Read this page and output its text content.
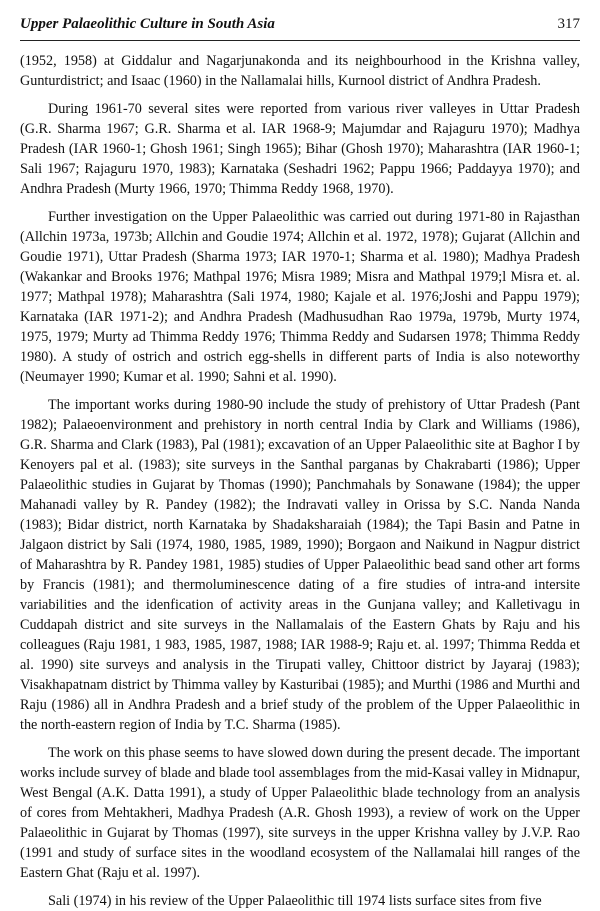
Upper Palaeolithic Culture in South Asia	317

(1952, 1958) at Giddalur and Nagarjunakonda and its neighbourhood in the Krishna valley, Gunturdistrict; and Isaac (1960) in the Nallamalai hills, Kurnool district of Andhra Pradesh.

During 1961-70 several sites were reported from various river valleyes in Uttar Pradesh (G.R. Sharma 1967; G.R. Sharma et al. IAR 1968-9; Majumdar and Rajaguru 1970); Madhya Pradesh (IAR 1960-1; Ghosh 1961; Singh 1965); Bihar (Ghosh 1970); Maharashtra (IAR 1960-1; Sali 1967; Rajaguru 1970, 1983); Karnataka (Seshadri 1962; Pappu 1966; Paddayya 1970); and Andhra Pradesh (Murty 1966, 1970; Thimma Reddy 1968, 1970).

Further investigation on the Upper Palaeolithic was carried out during 1971-80 in Rajasthan (Allchin 1973a, 1973b; Allchin and Goudie 1974; Allchin et al. 1972, 1978); Gujarat (Allchin and Goudie 1971), Uttar Pradesh (Sharma 1973; IAR 1970-1; Sharma et al. 1980); Madhya Pradesh (Wakankar and Brooks 1976; Mathpal 1976; Misra 1989; Misra and Mathpal 1979;l Misra et. al. 1977; Mathpal 1978); Maharashtra (Sali 1974, 1980; Kajale et al. 1976;Joshi and Pappu 1979); Karnataka (IAR 1971-2); and Andhra Pradesh (Madhusudhan Rao 1979a, 1979b, Murty 1974, 1975, 1979; Murty ad Thimma Reddy 1976; Thimma Reddy and Sudarsen 1978; Thimma Reddy 1980). A study of ostrich and ostrich egg-shells in different parts of India is also noteworthy (Neumayer 1990; Kumar et al. 1990; Sahni et al. 1990).

The important works during 1980-90 include the study of prehistory of Uttar Pradesh (Pant 1982); Palaeoenvironment and prehistory in north central India by Clark and Williams (1986), G.R. Sharma and Clark (1983), Pal (1981); excavation of an Upper Palaeolithic site at Baghor I by Kenoyers pal et al. (1983); site surveys in the Santhal parganas by Chakrabarti (1986); Upper Palaeolithic studies in Gujarat by Thomas (1990); Panchmahals by Sonawane (1984); the upper Mahanadi valley by R. Pandey (1982); the Indravati valley in Orissa by S.C. Nanda Nanda (1983); Bidar district, north Karnataka by Shadaksharaiah (1984); the Tapi Basin and Patne in Jalgaon district by Sali (1974, 1980, 1985, 1989, 1990); Borgaon and Naikund in Nagpur district of Maharashtra by R. Pandey 1981, 1985) studies of Upper Palaeolithic bead sand other art forms by Francis (1981); and thermoluminescence dating of a fire studies of intra-and intersite variabilities and the idenfication of activity areas in the Gunjana valley; and Kalletivagu in Cuddapah district and site surveys in the Nallamalais of the Eastern Ghats by Raju and his colleagues (Raju 1981, 1 983, 1985, 1987, 1988; IAR 1988-9; Raju et. al. 1997; Thimma Redda et al. 1990) site surveys and analysis in the Tirupati valley, Chittoor district by Jayaraj (1983); Visakhapatnam district by Thimma valley by Kasturibai (1985); and Murthi (1986 and Murthi and Raju (1986) all in Andhra Pradesh and a brief study of the problem of the Upper Palaeolithic in the north-eastern region of India by T.C. Sharma (1985).

The work on this phase seems to have slowed down during the present decade. The important works include survey of blade and blade tool assemblages from the mid-Kasai valley in Midnapur, West Bengal (A.K. Datta 1991), a study of Upper Palaeolithic blade technology from an analysis of cores from Mehtakheri, Madhya Pradesh (A.R. Ghosh 1993), a review of work on the Upper Palaeolithic in Gujarat by Thomas (1997), site surveys in the upper Krishna valley by J.V.P. Rao (1991 and study of surface sites in the woodland ecosystem of the Nallamalai hill ranges of the Eastern Ghat (Raju et al. 1997).

Sali (1974) in his review of the Upper Palaeolithic till 1974 lists surface sites from five
